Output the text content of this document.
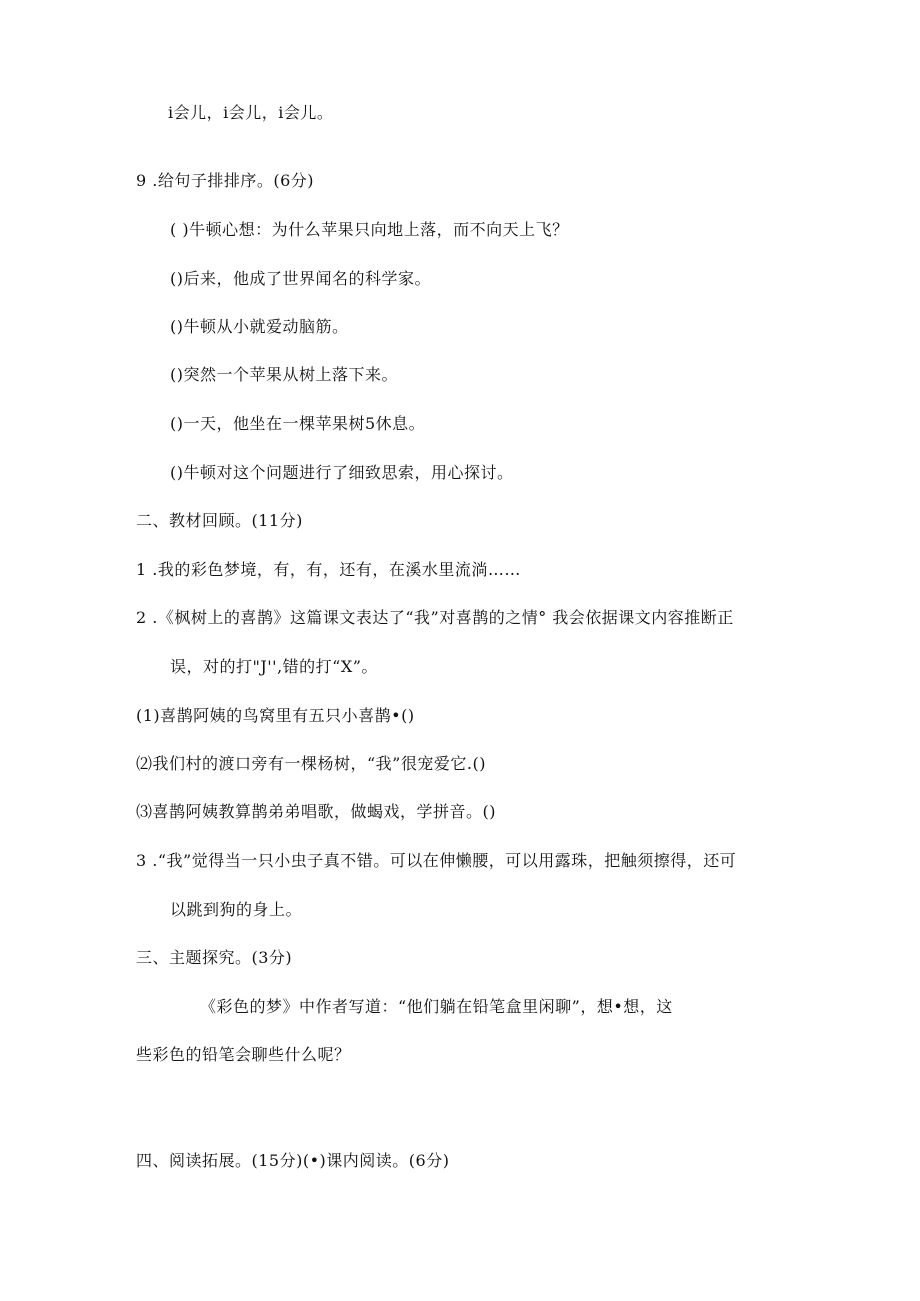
i会儿，i会儿，i会儿。
9 .给句子排排序。(6分)
( )牛顿心想：为什么苹果只向地上落，而不向天上飞？
()后来，他成了世界闻名的科学家。
()牛顿从小就爱动脑筋。
()突然一个苹果从树上落下来。
()一天，他坐在一棵苹果树5休息。
()牛顿对这个问题进行了细致思索，用心探讨。
二、教材回顾。(11分)
1 .我的彩色梦境，有，有，还有，在溪水里流淌……
2 .《枫树上的喜鹊》这篇课文表达了“我”对喜鹊的之情° 我会依据课文内容推断正
误，对的打"J'',错的打“X”。
(1)喜鹊阿姨的鸟窝里有五只小喜鹊•()
⑵我们村的渡口旁有一棵杨树，“我”很宠爱它.()
⑶喜鹊阿姨教算鹊弟弟唱歌，做蝎戏，学拼音。()
3 .“我”觉得当一只小虫子真不错。可以在伸懒腰，可以用露珠，把触须擦得，还可
以跳到狗的身上。
三、主题探究。(3分)
《彩色的梦》中作者写道：“他们躺在铅笔盒里闲聊”，想•想，这
些彩色的铅笔会聊些什么呢？
四、阅读拓展。(15分)(•)课内阅读。(6分)
